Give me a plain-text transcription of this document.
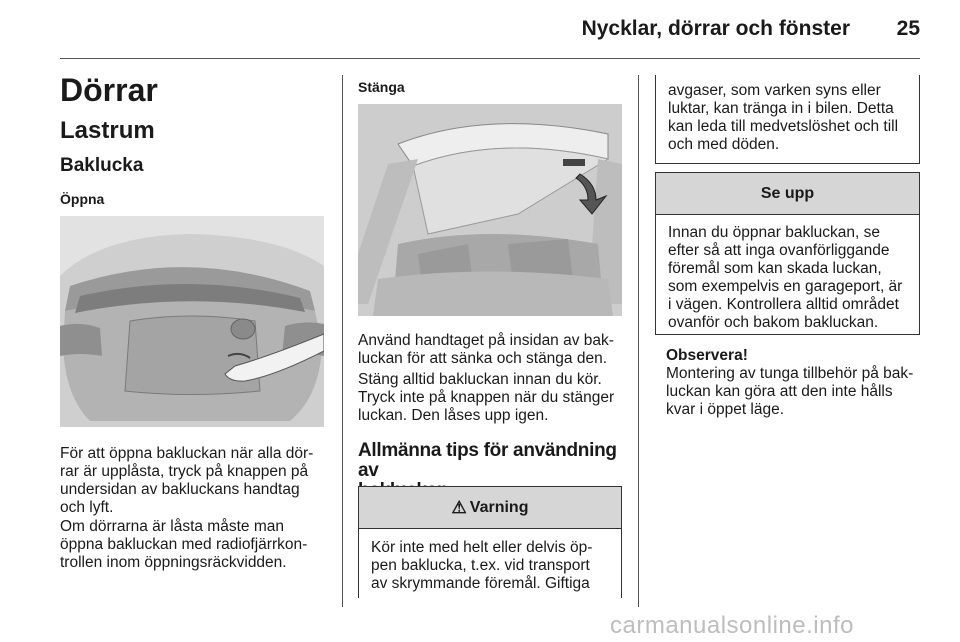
Nycklar, dörrar och fönster	25
Dörrar
Lastrum
Baklucka
Öppna
För att öppna bakluckan när alla dör-
rar är upplåsta, tryck på knappen på
undersidan av bakluckans handtag
och lyft.
Om dörrarna är låsta måste man
öppna bakluckan med radiofjärrkon-
trollen inom öppningsräckvidden.
Stänga
Använd handtaget på insidan av bak-
luckan för att sänka och stänga den.
Stäng alltid bakluckan innan du kör.
Tryck inte på knappen när du stänger
luckan. Den låses upp igen.
Allmänna tips för användning av
⚠ Varning
Kör inte med helt eller delvis öp-
pen baklucka, t.ex. vid transport
av skrymmande föremål. Giftiga
avgaser, som varken syns eller
luktar, kan tränga in i bilen. Detta
kan leda till medvetslöshet och till
och med döden.
Se upp
Innan du öppnar bakluckan, se
efter så att inga ovanförliggande
föremål som kan skada luckan,
som exempelvis en garageport, är
i vägen. Kontrollera alltid området
ovanför och bakom bakluckan.
Observera!
Montering av tunga tillbehör på bak-
luckan kan göra att den inte hålls
kvar i öppet läge.
carmanualsonline.info
